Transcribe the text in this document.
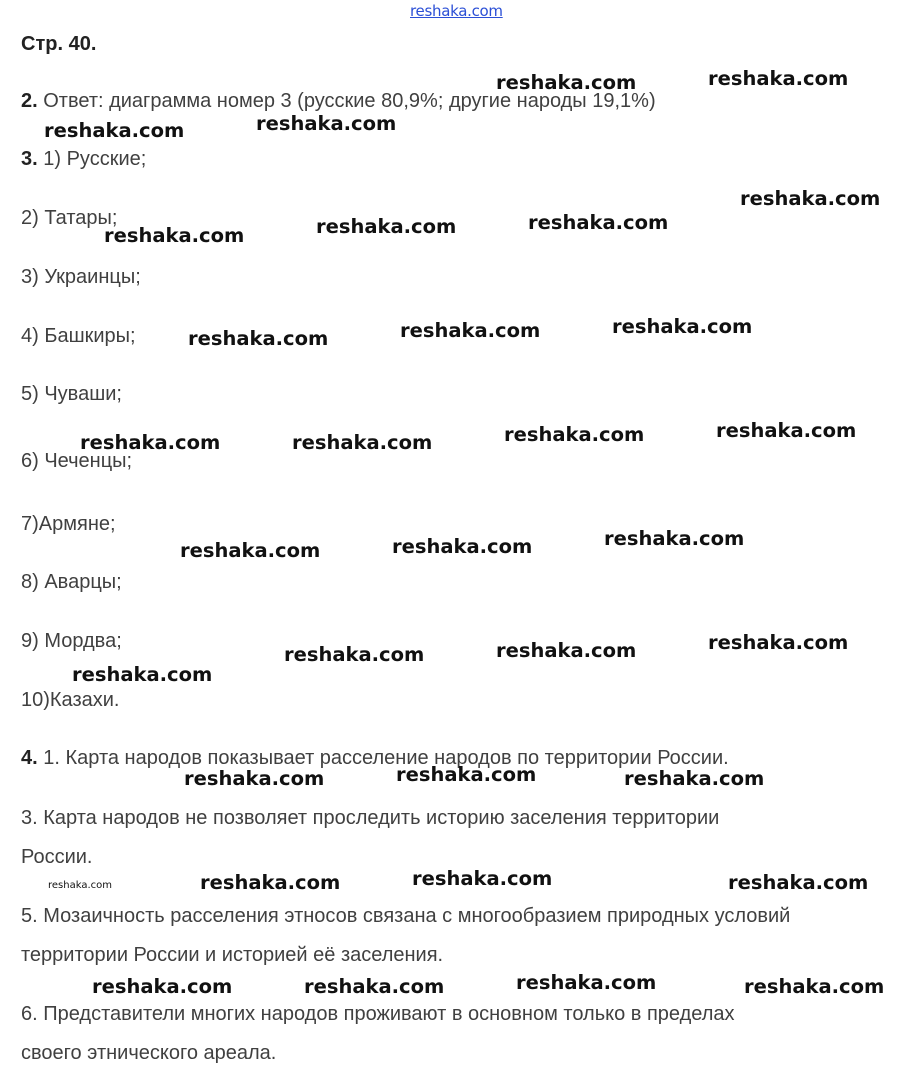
reshaka.com
Стр. 40.
2. Ответ: диаграмма номер 3 (русские 80,9%; другие народы 19,1%)
3. 1) Русские;
2) Татары;
3) Украинцы;
4) Башкиры;
5) Чуваши;
6) Чеченцы;
7)Армяне;
8) Аварцы;
9) Мордва;
10)Казахи.
4. 1. Карта народов показывает расселение народов по территории России.
3. Карта народов не позволяет проследить историю заселения территории
России.
5. Мозаичность расселения этносов связана с многообразием природных условий
территории России и историей её заселения.
6. Представители многих народов проживают в основном только в пределах
своего этнического ареала.
reshaka.com	reshaka.com
reshaka.com	reshaka.com
reshaka.com
reshaka.com	reshaka.com	reshaka.com
reshaka.com	reshaka.com	reshaka.com
reshaka.com	reshaka.com	reshaka.com	reshaka.com
reshaka.com	reshaka.com	reshaka.com
reshaka.com
reshaka.com	reshaka.com
reshaka.com
reshaka.com	reshaka.com	reshaka.com
reshaka.com	reshaka.com	reshaka.com	reshaka.com
reshaka.com	reshaka.com	reshaka.com	reshaka.com
